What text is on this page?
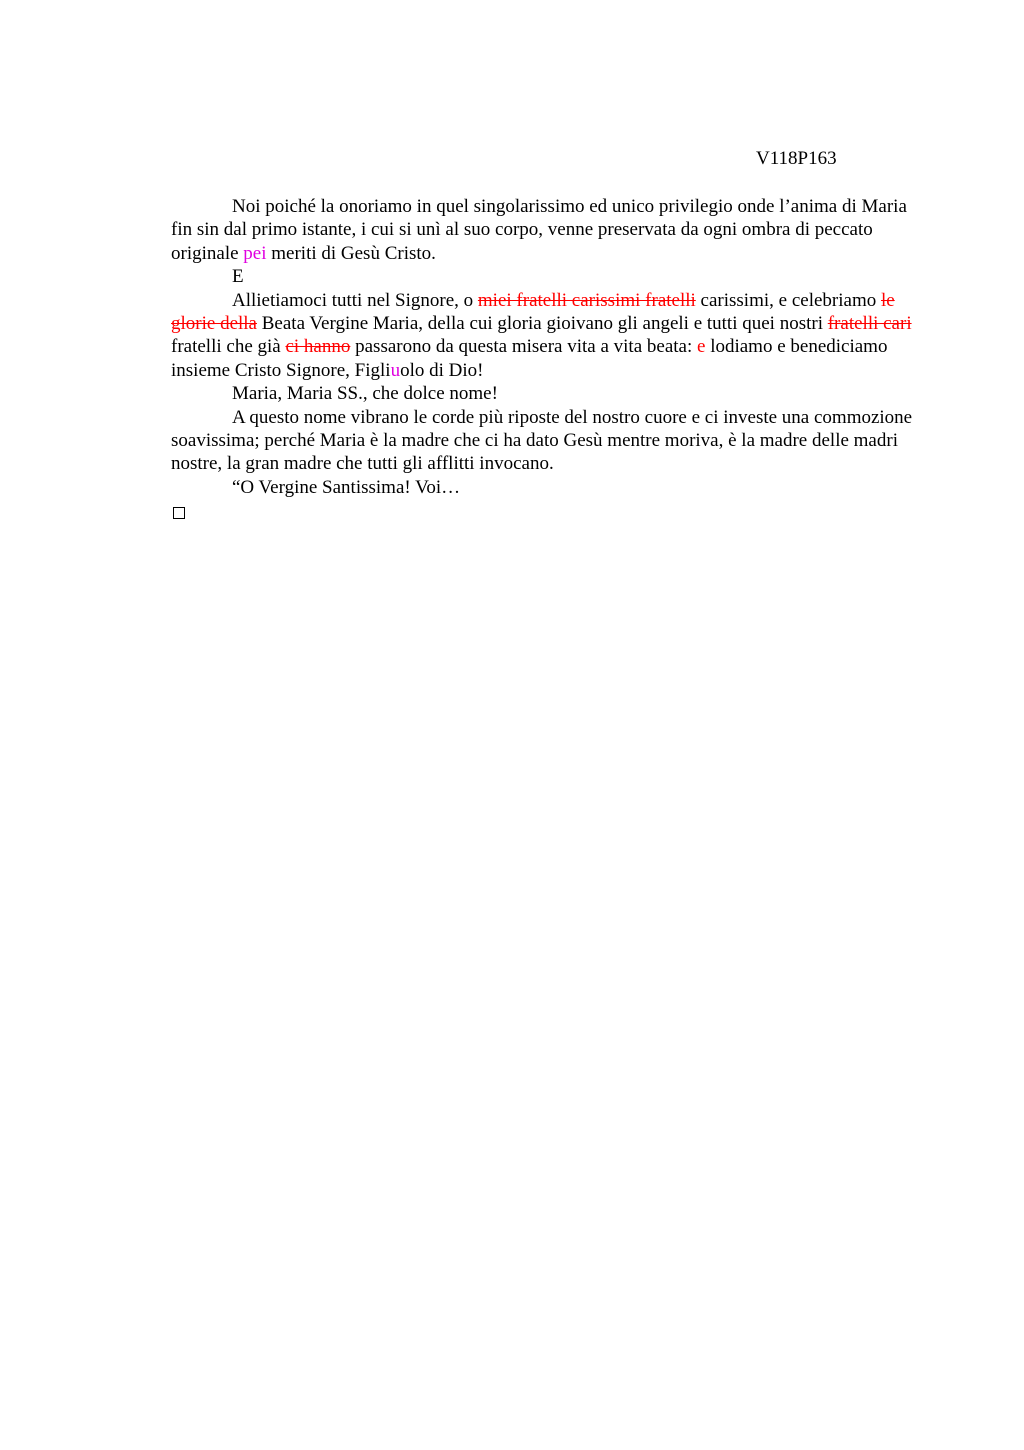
V118P163

Noi poiché la onoriamo in quel singolarissimo ed unico privilegio onde l’anima di Maria fin sin dal primo istante, i cui si unì al suo corpo, venne preservata da ogni ombra di peccato originale pei meriti di Gesù Cristo.

E

Allietiamoci tutti nel Signore, o miei fratelli carissimi fratelli carissimi, e celebriamo le glorie della Beata Vergine Maria, della cui gloria gioivano gli angeli e tutti quei nostri fratelli cari fratelli che già ci hanno passarono da questa misera vita a vita beata: e lodiamo e benediciamo insieme Cristo Signore, Figliuolo di Dio!

Maria, Maria SS., che dolce nome!

A questo nome vibrano le corde più riposte del nostro cuore e ci investe una commozione soavissima; perché Maria è la madre che ci ha dato Gesù mentre moriva, è la madre delle madri nostre, la gran madre che tutti gli afflitti invocano.

“O Vergine Santissima! Voi…
